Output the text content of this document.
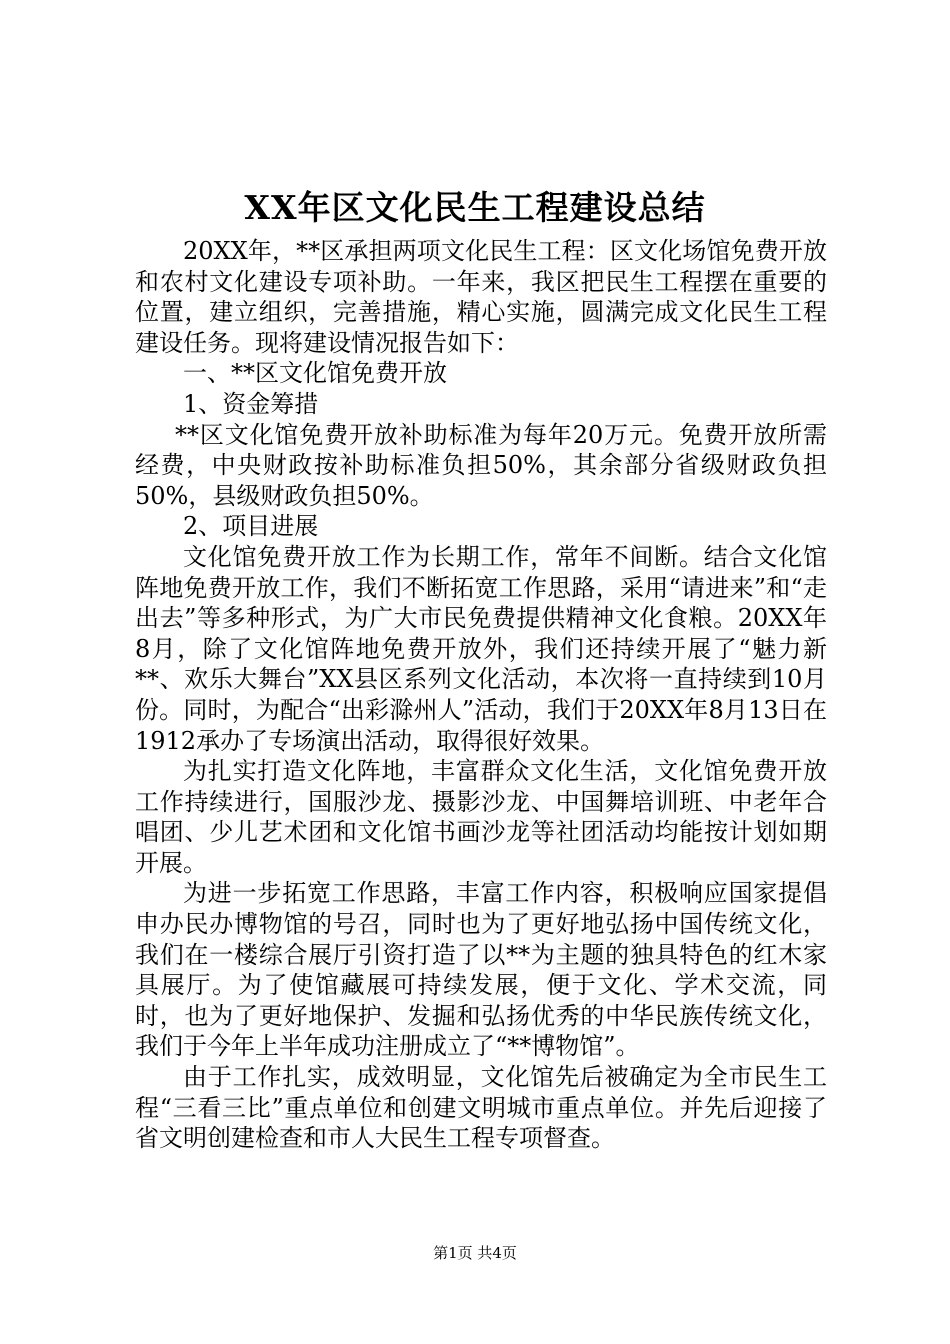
XX年区文化民生工程建设总结

20XX年，**区承担两项文化民生工程：区文化场馆免费开放和农村文化建设专项补助。一年来，我区把民生工程摆在重要的位置，建立组织，完善措施，精心实施，圆满完成文化民生工程建设任务。现将建设情况报告如下：

一、**区文化馆免费开放

1、资金筹措

**区文化馆免费开放补助标准为每年20万元。免费开放所需经费，中央财政按补助标准负担50%，其余部分省级财政负担50%，县级财政负担50%。

2、项目进展

文化馆免费开放工作为长期工作，常年不间断。结合文化馆阵地免费开放工作，我们不断拓宽工作思路，采用“请进来”和“走出去”等多种形式，为广大市民免费提供精神文化食粮。20XX年8月，除了文化馆阵地免费开放外，我们还持续开展了“魅力新**、欢乐大舞台”XX县区系列文化活动，本次将一直持续到10月份。同时，为配合“出彩滁州人”活动，我们于20XX年8月13日在1912承办了专场演出活动，取得很好效果。

为扎实打造文化阵地，丰富群众文化生活，文化馆免费开放工作持续进行，国服沙龙、摄影沙龙、中国舞培训班、中老年合唱团、少儿艺术团和文化馆书画沙龙等社团活动均能按计划如期开展。

为进一步拓宽工作思路，丰富工作内容，积极响应国家提倡申办民办博物馆的号召，同时也为了更好地弘扬中国传统文化，我们在一楼综合展厅引资打造了以**为主题的独具特色的红木家具展厅。为了使馆藏展可持续发展，便于文化、学术交流，同时，也为了更好地保护、发掘和弘扬优秀的中华民族传统文化，我们于今年上半年成功注册成立了“**博物馆”。

由于工作扎实，成效明显，文化馆先后被确定为全市民生工程“三看三比”重点单位和创建文明城市重点单位。并先后迎接了省文明创建检查和市人大民生工程专项督查。

第1页 共4页
